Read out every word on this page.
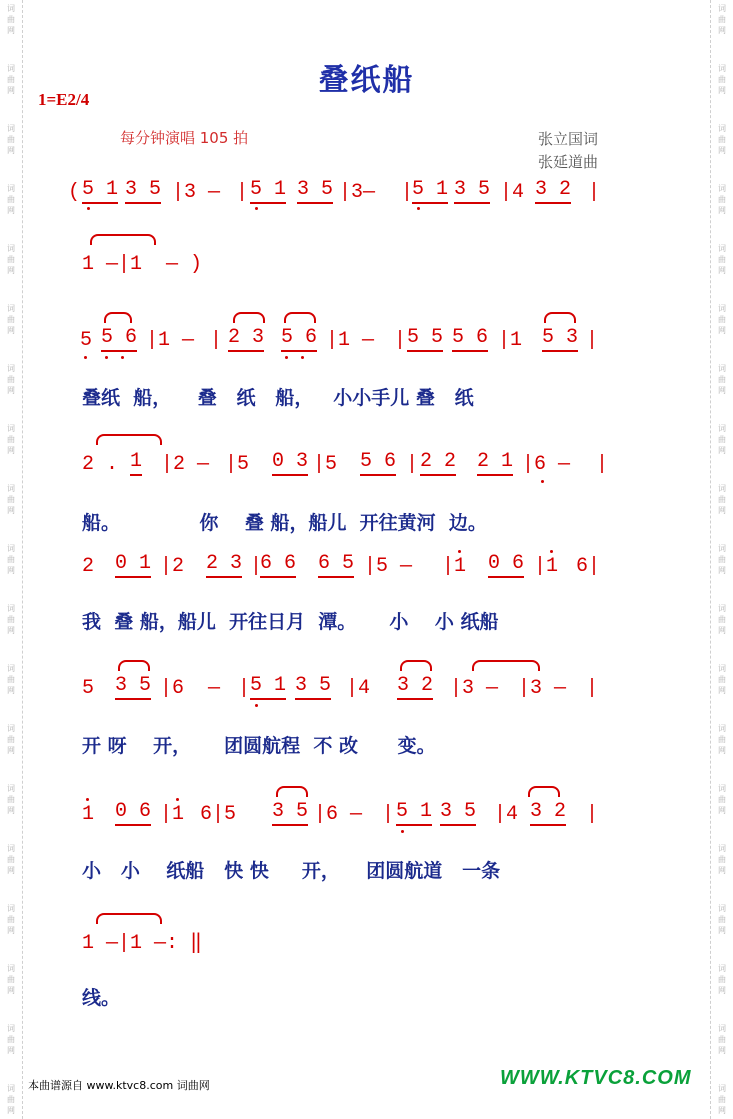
词
曲
网
词
曲
网
词
曲
网
词
曲
网
词
曲
网
词
曲
网
词
曲
网
词
曲
网
词
曲
网
词
曲
网
词
曲
网
词
曲
网
词
曲
网
词
曲
网
词
曲
网
词
曲
网
词
曲
网
词
曲
网
词
曲
网
词
曲
网
词
曲
网
词
曲
网
词
曲
网
词
曲
网
词
曲
网
词
曲
网
词
曲
网
词
曲
网
词
曲
网
词
曲
网
词
曲
网
词
曲
网
词
曲
网
词
曲
网
词
曲
网
词
曲
网
词
曲
网
词
曲
网
叠纸船
1=E2/4
每分钟演唱 105 拍	张立国词
张延道曲
( 5 1 3 5 |3 — | 5 1 3 5 |3— |
5 1 3 5 |4 3 2 |
1 —|1  — )
5 5 6 |1 — | 2 3 5 6 |1 — | 5 5 5 6 |1 5 3 |
叠纸  船，    叠   纸   船，   小小手儿 叠   纸
2 . 1 |2 — |5 0 3 |5 5 6 | 2 2 2 1 |6 — |
船。            你    叠 船，船儿  开往黄河  边。
2 0 1 |2 2 3 |
6 6 6 5 |5 — |1 0 6 |1 6|
我  叠 船，船儿  开往日月  潭。     小    小 纸船
5 3 5 |6  — | 5 1 3 5 |4 3 2 |3 — |3 — |
开 呀    开，     团圆航程  不 改      变。
1 0 6 |1 6|5 3 5 |6 — | 5 1 3 5 |4 3 2 |
小   小    纸船   快 快     开，    团圆航道   一条
1 —|1 —: ‖
线。
本曲谱源自 www.ktvc8.com 词曲网	WWW.KTVC8.COM
